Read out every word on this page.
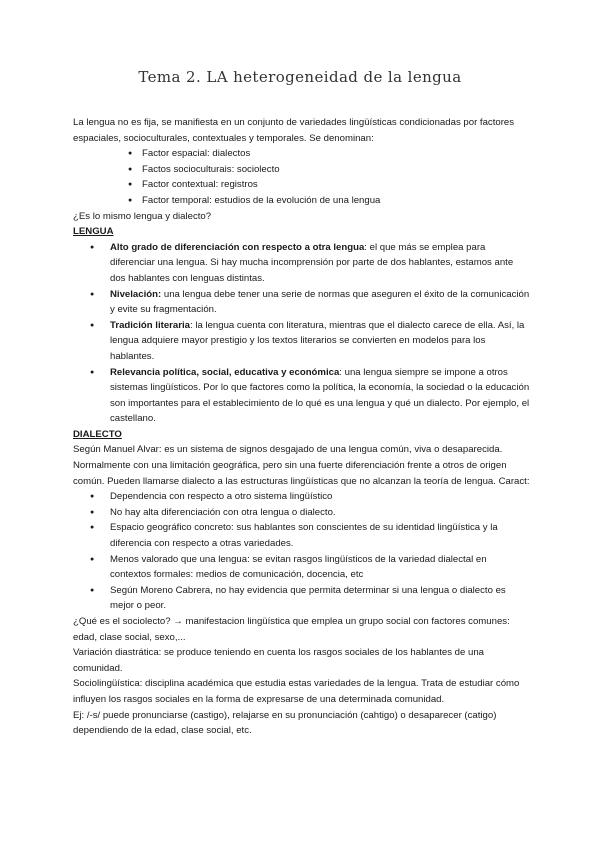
Tema 2. LA heterogeneidad de la lengua

La lengua no es fija, se manifiesta en un conjunto de variedades lingüísticas condicionadas por factores espaciales, socioculturales, contextuales y temporales. Se denominan:

● Factor espacial: dialectos
● Factos socioculturais: sociolecto
● Factor contextual: registros
● Factor temporal: estudios de la evolución de una lengua

¿Es lo mismo lengua y dialecto?

LENGUA

● Alto grado de diferenciación con respecto a otra lengua: el que más se emplea para diferenciar una lengua. Si hay mucha incomprensión por parte de dos hablantes, estamos ante dos hablantes con lenguas distintas.
● Nivelación: una lengua debe tener una serie de normas que aseguren el éxito de la comunicación y evite su fragmentación.
● Tradición literaria: la lengua cuenta con literatura, mientras que el dialecto carece de ella. Así, la lengua adquiere mayor prestigio y los textos literarios se convierten en modelos para los hablantes.
● Relevancia política, social, educativa y económica: una lengua siempre se impone a otros sistemas lingüísticos. Por lo que factores como la política, la economía, la sociedad o la educación son importantes para el establecimiento de lo qué es una lengua y qué un dialecto. Por ejemplo, el castellano.

DIALECTO

Según Manuel Alvar: es un sistema de signos desgajado de una lengua común, viva o desaparecida. Normalmente con una limitación geográfica, pero sin una fuerte diferenciación frente a otros de origen común. Pueden llamarse dialecto a las estructuras lingüísticas que no alcanzan la teoría de lengua. Caract:

● Dependencia con respecto a otro sistema lingüístico
● No hay alta diferenciación con otra lengua o dialecto.
● Espacio geográfico concreto: sus hablantes son conscientes de su identidad lingüística y la diferencia con respecto a otras variedades.
● Menos valorado que una lengua: se evitan rasgos lingüísticos de la variedad dialectal en contextos formales: medios de comunicación, docencia, etc
● Según Moreno Cabrera, no hay evidencia que permita determinar si una lengua o dialecto es mejor o peor.

¿Qué es el sociolecto? → manifestacion lingüística que emplea un grupo social con factores comunes: edad, clase social, sexo,...

Variación diastrática: se produce teniendo en cuenta los rasgos sociales de los hablantes de una comunidad.

Sociolingüística: disciplina académica que estudia estas variedades de la lengua. Trata de estudiar cómo influyen los rasgos sociales en la forma de expresarse de una determinada comunidad.

Ej: /-s/ puede pronunciarse (castigo), relajarse en su pronunciación (cahtigo) o desaparecer (catigo) dependiendo de la edad, clase social, etc.
